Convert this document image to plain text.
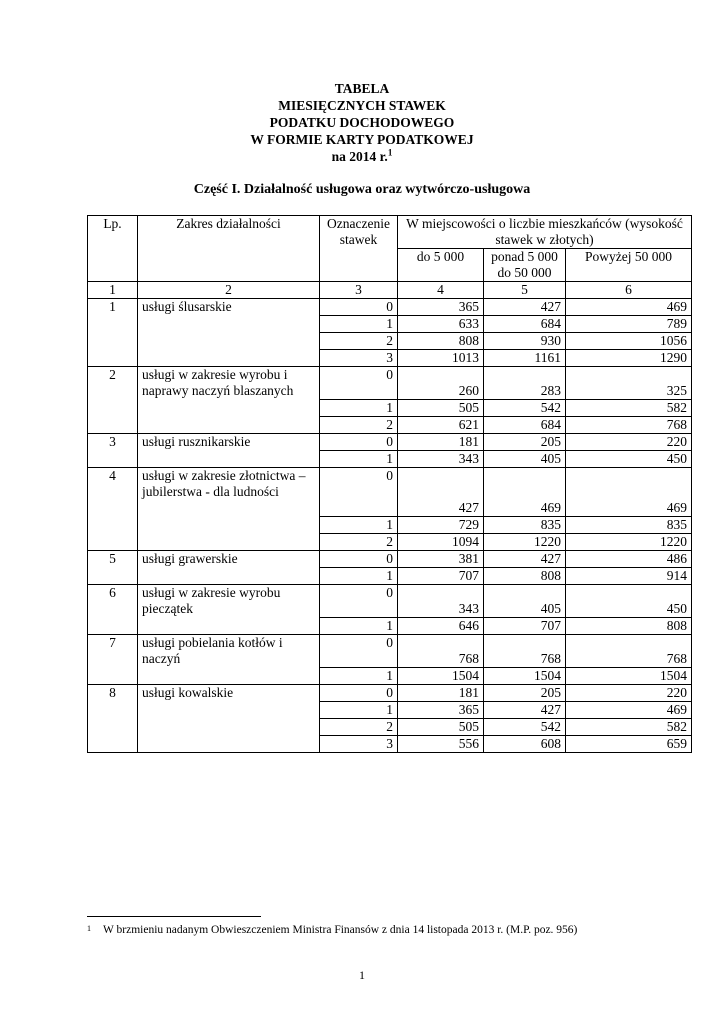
TABELA
MIESIĘCZNYCH STAWEK
PODATKU DOCHODOWEGO
W FORMIE KARTY PODATKOWEJ
na 2014 r.$^1$
Część I. Działalność usługowa oraz wytwórczo-usługowa
Lp.	Zakres działalności	Oznaczenie stawek	W miejscowości o liczbie mieszkańców (wysokość stawek w złotych)		
			do 5 000	ponad 5 000 do 50 000	Powyżej 50 000
1	2	3	4	5	6
1	usługi ślusarskie	0	365	427	469
		1	633	684	789
		2	808	930	1056
		3	1013	1161	1290
2	usługi w zakresie wyrobu i naprawy naczyń blaszanych	0	260	283	325
		1	505	542	582
		2	621	684	768
3	usługi rusznikarskie	0	181	205	220
		1	343	405	450
4	usługi w zakresie złotnictwa – jubilerstwa - dla ludności	0	427	469	469
		1	729	835	835
		2	1094	1220	1220
5	usługi grawerskie	0	381	427	486
		1	707	808	914
6	usługi w zakresie wyrobu pieczątek	0	343	405	450
		1	646	707	808
7	usługi pobielania kotłów i naczyń	0	768	768	768
		1	1504	1504	1504
8	usługi kowalskie	0	181	205	220
		1	365	427	469
		2	505	542	582
		3	556	608	659
$^1$ W brzmieniu nadanym Obwieszczeniem Ministra Finansów z dnia 14 listopada 2013 r. (M.P. poz. 956)
1
